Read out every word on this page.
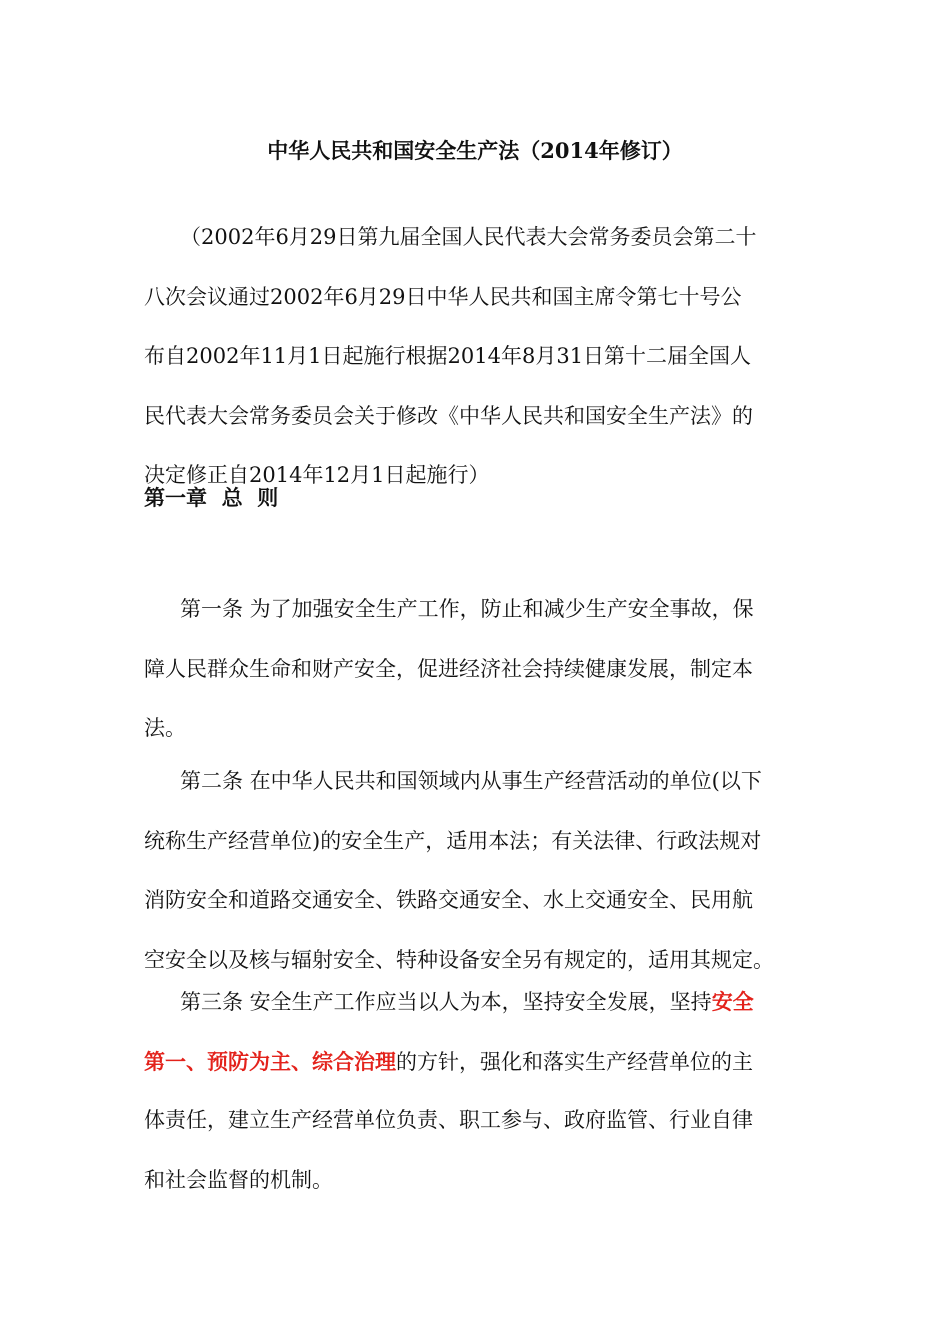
中华人民共和国安全生产法（2014年修订）
（2002年6月29日第九届全国人民代表大会常务委员会第二十
八次会议通过2002年6月29日中华人民共和国主席令第七十号公
布自2002年11月1日起施行根据2014年8月31日第十二届全国人
民代表大会常务委员会关于修改《中华人民共和国安全生产法》的
决定修正自2014年12月1日起施行）
第一章  总  则
第一条 为了加强安全生产工作，防止和减少生产安全事故，保
障人民群众生命和财产安全，促进经济社会持续健康发展，制定本
法。
第二条 在中华人民共和国领域内从事生产经营活动的单位(以下
统称生产经营单位)的安全生产，适用本法；有关法律、行政法规对
消防安全和道路交通安全、铁路交通安全、水上交通安全、民用航
空安全以及核与辐射安全、特种设备安全另有规定的，适用其规定。
第三条 安全生产工作应当以人为本，坚持安全发展，坚持安全
第一、预防为主、综合治理的方针，强化和落实生产经营单位的主
体责任，建立生产经营单位负责、职工参与、政府监管、行业自律
和社会监督的机制。
